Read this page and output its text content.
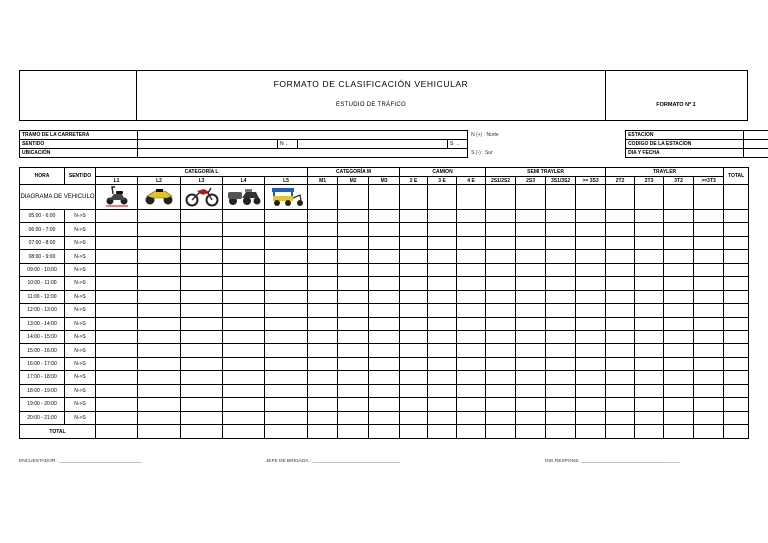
FORMATO DE CLASIFICACIÓN VEHICULAR
ESTUDIO DE TRÁFICO	FORMATO Nº 1
TRAMO DE LA CARRETERA					N (+) : Norte		ESTACION			
SENTIDO		N ←		S →			CODIGO DE LA ESTACION			
UBICACIÓN					S (-) : Sur		DIA Y FECHA			
HORA	SENTIDO	CATEGORÍA L					CATEGORÍA M			CAMION			SEMI TRAYLER				TRAYLER				TOTAL
		L1	L2	L3	L4	L5	M1	M2	M3	2 E	3 E	4 E	2S1/2S2	2S3	3S1/3S2	>= 3S3	2T2	2T3	3T2	>=3T3	
DIAGRAMA DE VEHICULO																				
05:00 - 6:00	N->S																				
06:00 - 7:00	N->S																				
07:00 - 8:00	N->S																				
08:00 - 9:00	N->S																				
09:00 - 10:00	N->S																				
10:00 - 11:00	N->S																				
11:00 - 12:00	N->S																				
12:00 - 13:00	N->S																				
13:00 - 14:00	N->S																				
14:00 - 15:00	N->S																				
15:00 - 16:00	N->S																				
16:00 - 17:00	N->S																				
17:00 - 18:00	N->S																				
18:00 - 19:00	N->S																				
19:00 - 20:00	N->S																				
20:00 - 21:00	N->S																				
TOTAL																					
ENCUESTADOR : _______________________________	JEFE DE BRIGADA : _________________________________	ING.RESPONS: _____________________________________
